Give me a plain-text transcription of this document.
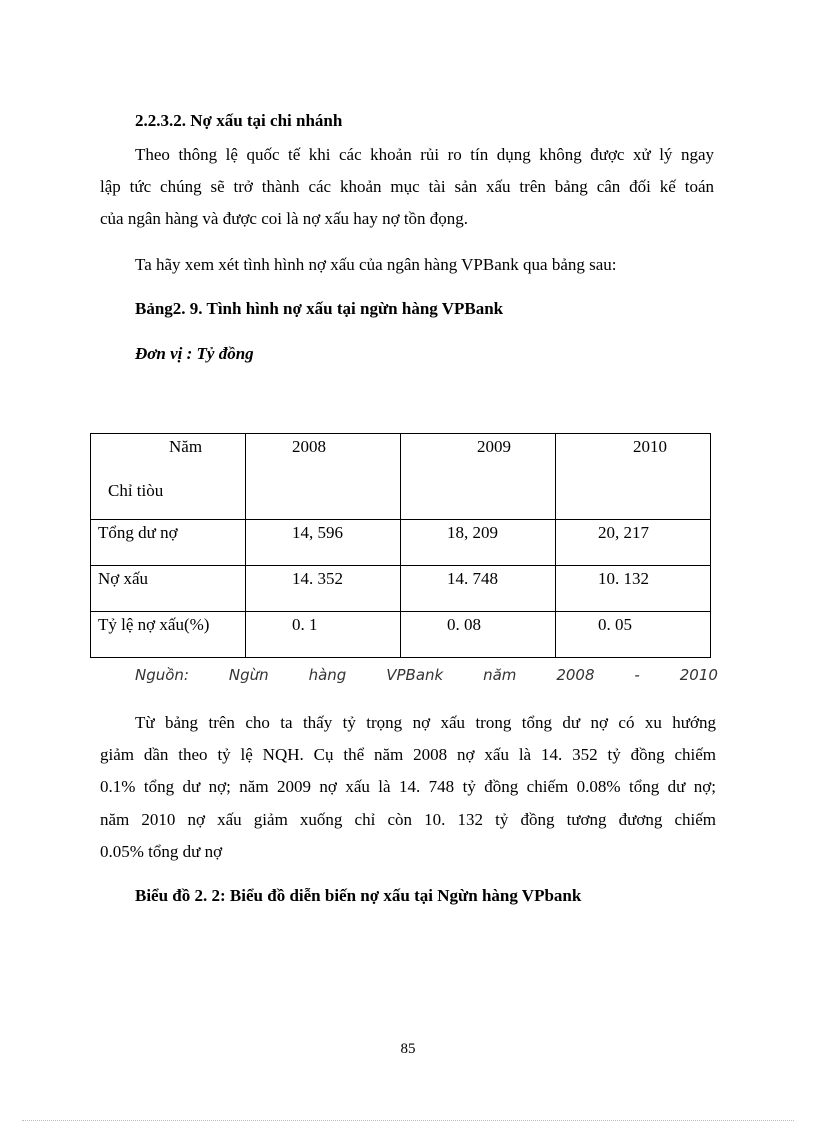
2.2.3.2. Nợ xấu tại chi nhánh
Theo thông lệ quốc tế khi các khoản rủi ro tín dụng không được xử lý ngay
lập tức chúng sẽ trở thành các khoản mục tài sản xấu trên bảng cân đối kế toán
của ngân hàng và được coi là nợ xấu hay nợ tồn đọng.
Ta hãy xem xét tình hình nợ xấu của ngân hàng VPBank qua bảng sau:
Bảng2. 9. Tình hình nợ xấu tại ngừn hàng VPBank
Đơn vị : Tỷ đồng
Năm
Chỉ tiòu	2008	2009	2010
Tổng dư nợ	14, 596	18, 209	20, 217
Nợ xấu	14. 352	14. 748	10. 132
Tỷ lệ nợ xấu(%)	0. 1	0. 08	0. 05
Nguồn:	Ngừn	hàng	VPBank	năm	2008	-	2010
Từ bảng trên cho ta thấy tỷ trọng nợ xấu trong tổng dư nợ có xu hướng
giảm dần theo tỷ lệ NQH. Cụ thể năm 2008 nợ xấu là 14. 352 tỷ đồng chiếm
0.1% tổng dư nợ; năm 2009 nợ xấu là 14. 748 tỷ đồng chiếm 0.08% tổng dư nợ;
năm 2010 nợ xấu giảm xuống chỉ còn 10. 132 tỷ đồng tương đương chiếm
0.05% tổng dư nợ
Biểu đồ 2. 2: Biểu đồ diễn biến nợ xấu tại Ngừn hàng VPbank
85
